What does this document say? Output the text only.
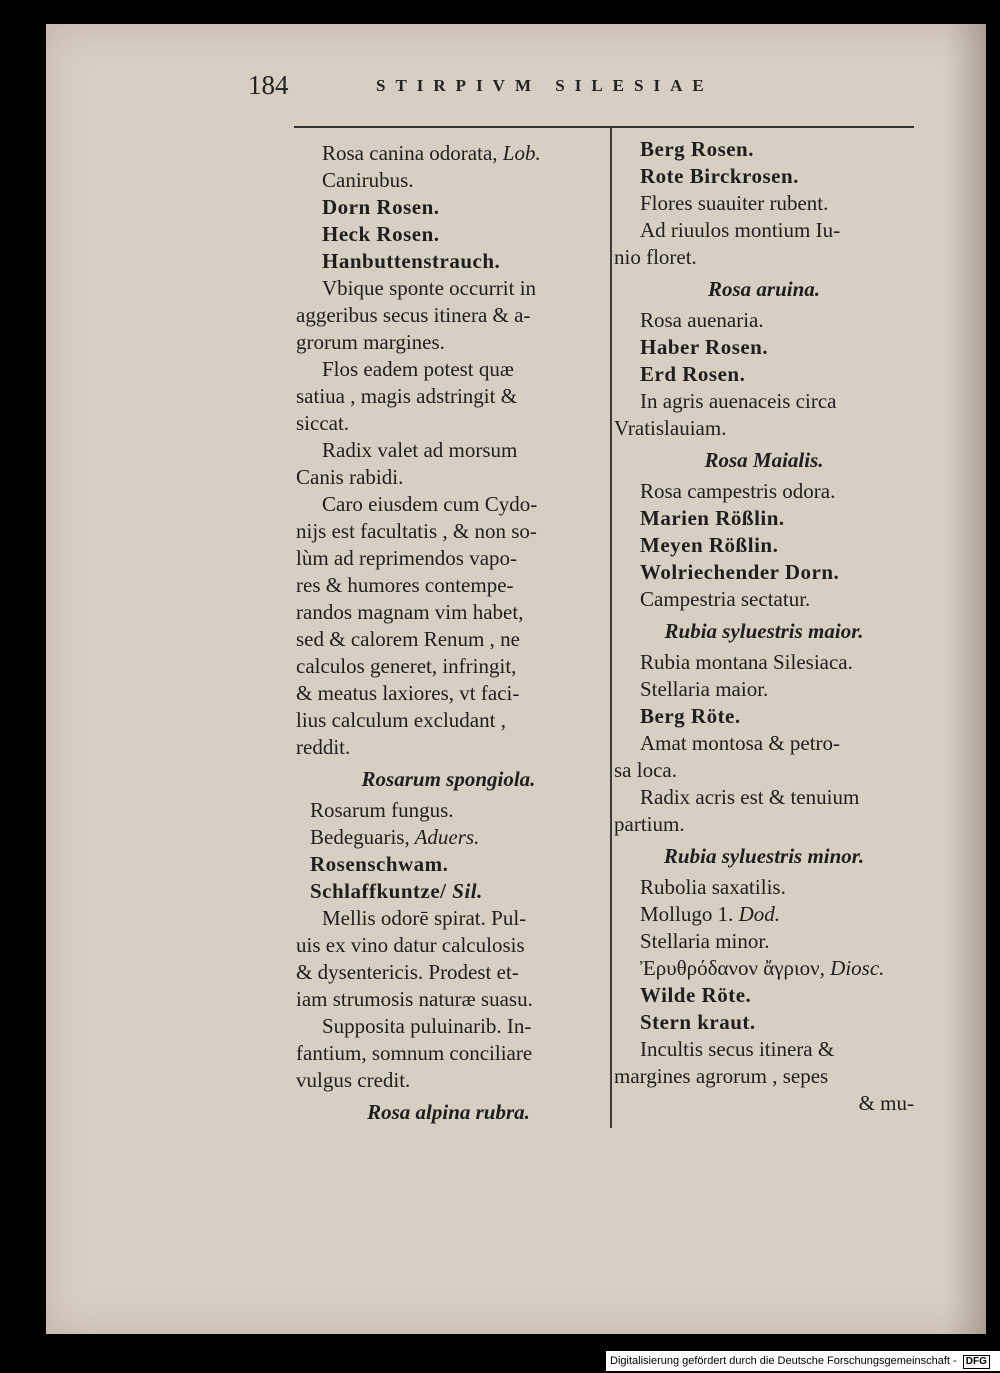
184	STIRPIVM SILESIAE
Rosa canina odorata, Lob.
Canirubus.
Dorn Rosen.
Heck Rosen.
Hanbuttenstrauch.
Vbique sponte occurrit in
aggeribus secus itinera & a-
grorum margines.
Flos eadem potest quæ
satiua , magis adstringit &
siccat.
Radix valet ad morsum
Canis rabidi.
Caro eiusdem cum Cydo-
nijs est facultatis , & non so-
lùm ad reprimendos vapo-
res & humores contempe-
randos magnam vim habet,
sed & calorem Renum , ne
calculos generet, infringit,
& meatus laxiores, vt faci-
lius calculum excludant ,
reddit.
Rosarum spongiola.
Rosarum fungus.
Bedeguaris, Aduers.
Rosenschwam.
Schlaffkuntze/ Sil.
Mellis odorē spirat. Pul-
uis ex vino datur calculosis
& dysentericis. Prodest et-
iam strumosis naturæ suasu.
Supposita puluinarib. In-
fantium, somnum conciliare
vulgus credit.
Rosa alpina rubra.
Berg Rosen.
Rote Birckrosen.
Flores suauiter rubent.
Ad riuulos montium Iu-
nio floret.
Rosa aruina.
Rosa auenaria.
Haber Rosen.
Erd Rosen.
In agris auenaceis circa
Vratislauiam.
Rosa Maialis.
Rosa campestris odora.
Marien Rößlin.
Meyen Rößlin.
Wolriechender Dorn.
Campestria sectatur.
Rubia syluestris maior.
Rubia montana Silesiaca.
Stellaria maior.
Berg Röte.
Amat montosa & petro-
sa loca.
Radix acris est & tenuium
partium.
Rubia syluestris minor.
Rubolia saxatilis.
Mollugo 1. Dod.
Stellaria minor.
Ἐρυθρόδανον ἄγριον, Diosc.
Wilde Röte.
Stern kraut.
Incultis secus itinera &
margines agrorum , sepes
& mu-
Digitalisierung gefördert durch die Deutsche Forschungsgemeinschaft - DFG
